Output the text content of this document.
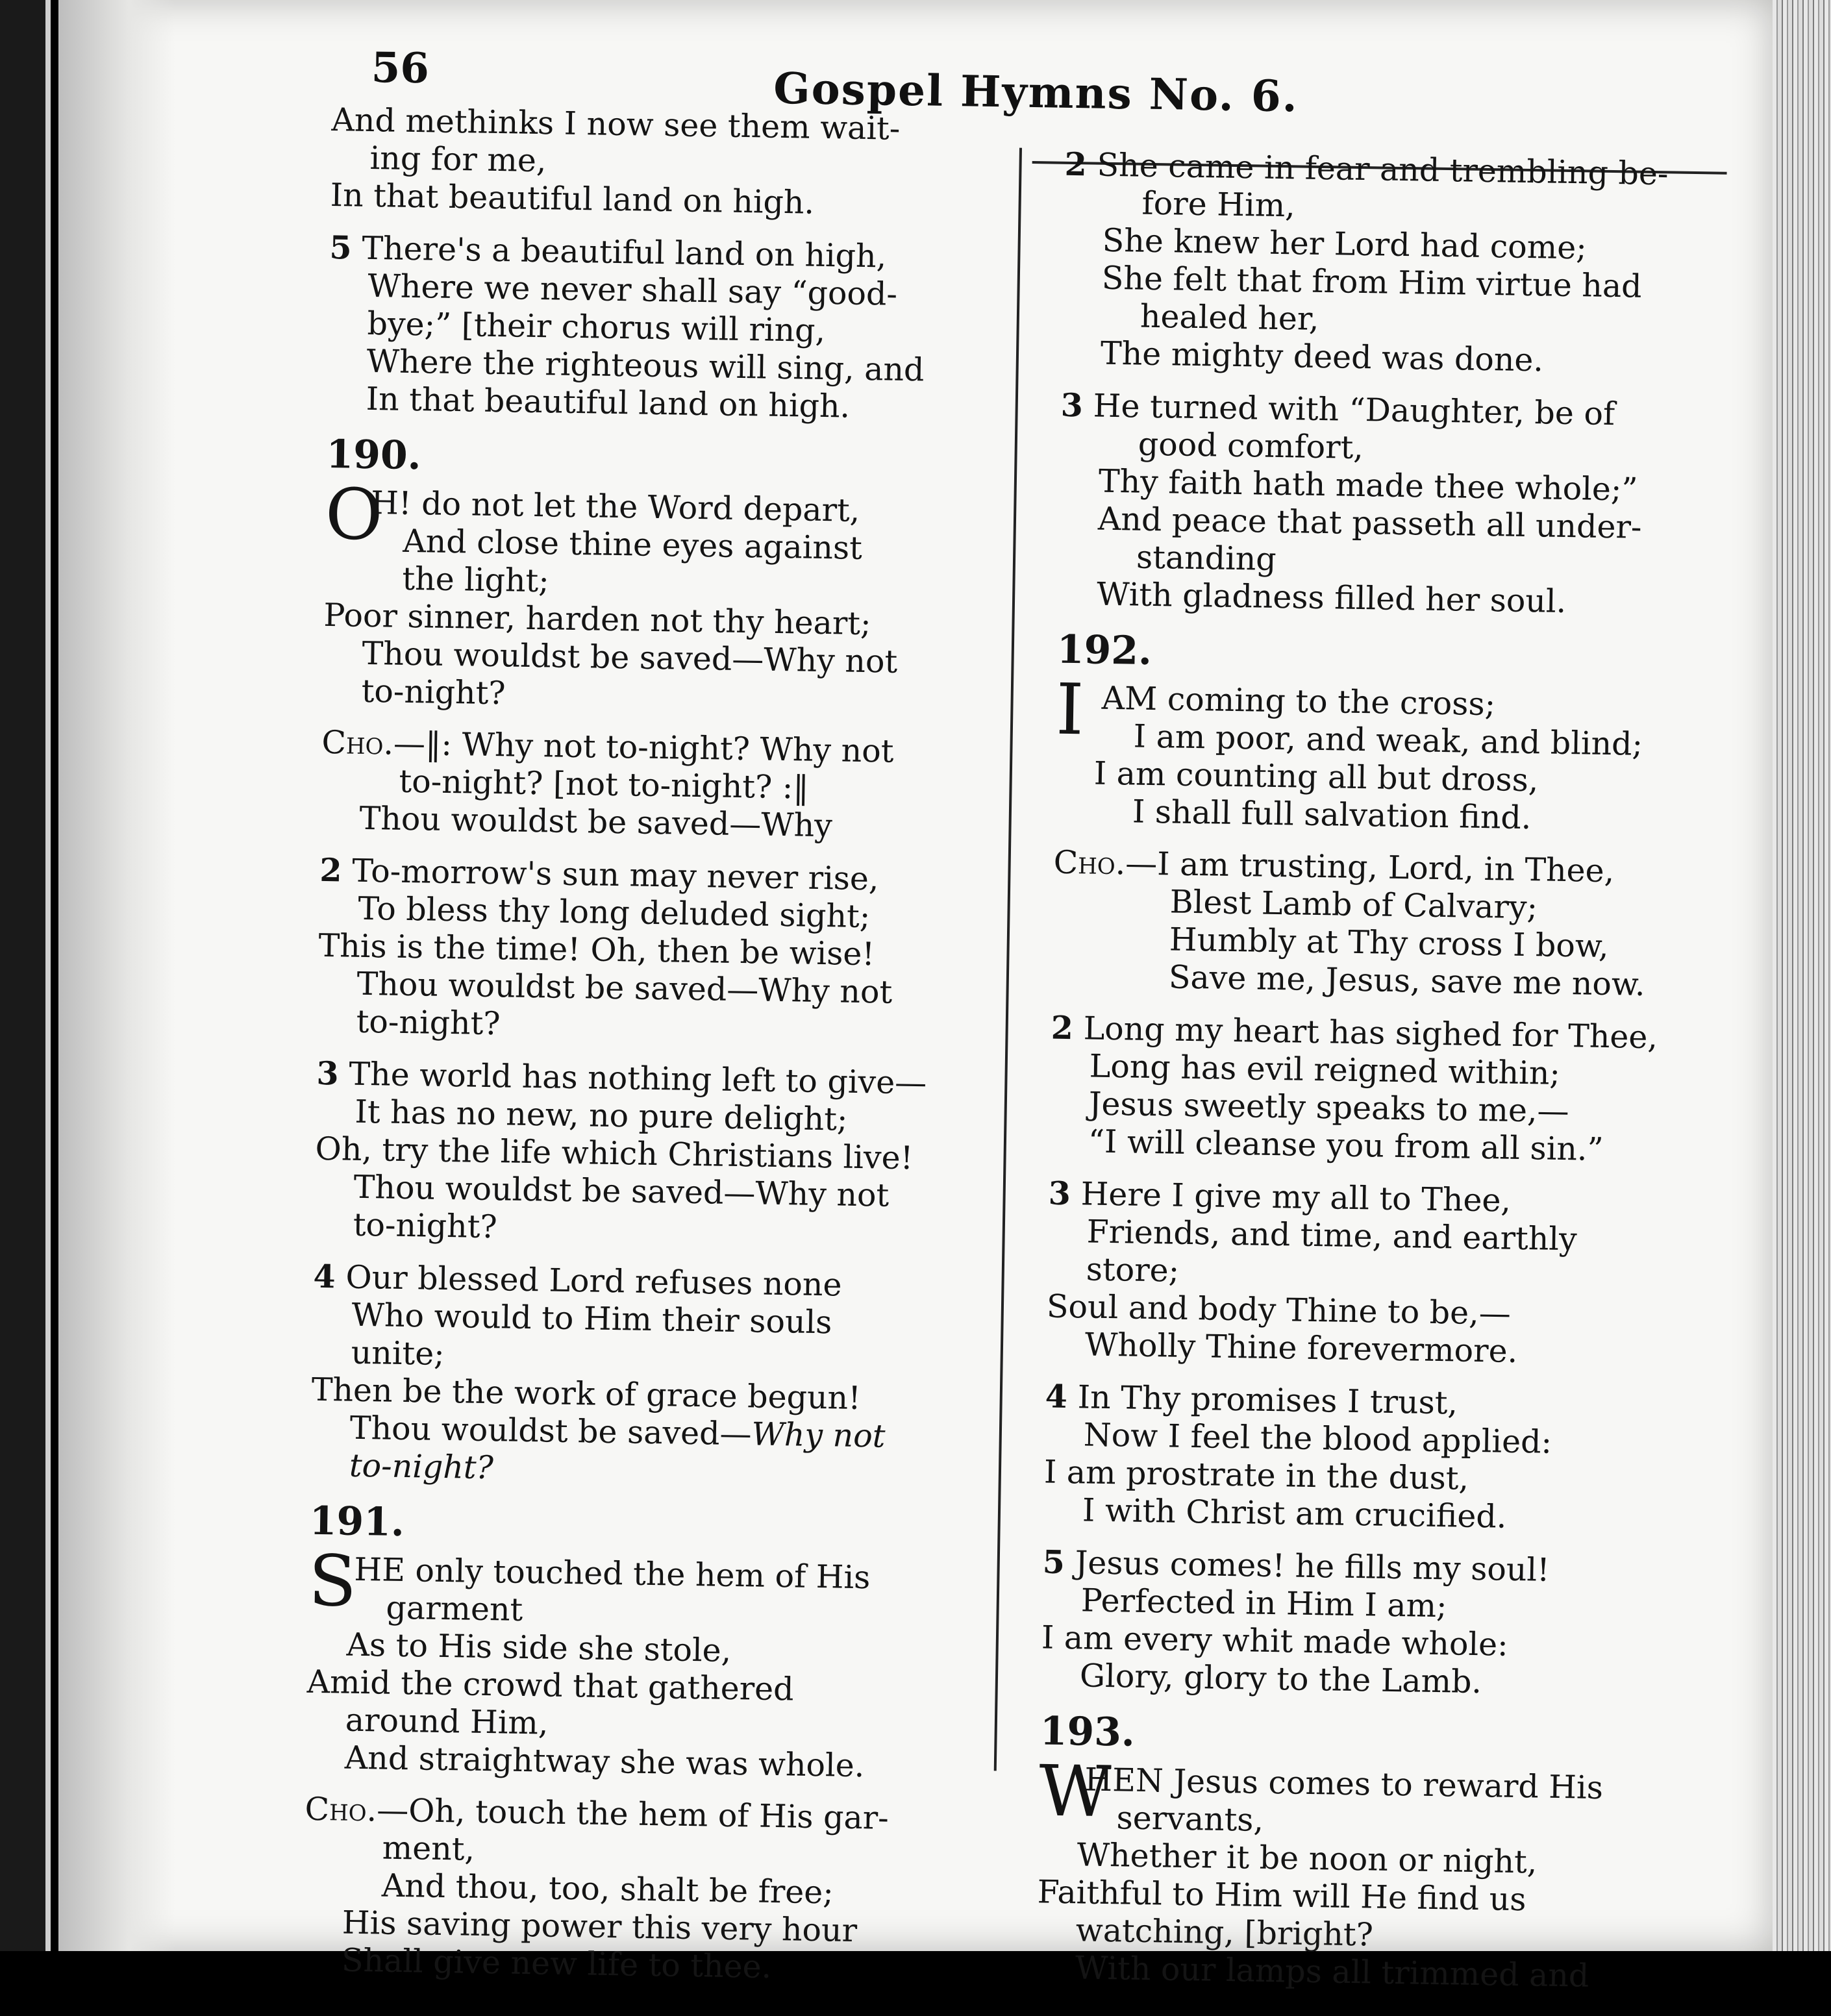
56	Gospel Hymns No. 6.
And methinks I now see them wait-
ing for me,
In that beautiful land on high.
5 There's a beautiful land on high,
Where we never shall say “good-
bye;” [their chorus will ring,
Where the righteous will sing, and
In that beautiful land on high.
190.
O
H! do not let the Word depart,
And close thine eyes against
the light;
Poor sinner, harden not thy heart;
Thou wouldst be saved—Why not
to-night?
Cho.—‖: Why not to-night? Why not
to-night? [not to-night? :‖
Thou wouldst be saved—Why
2 To-morrow's sun may never rise,
To bless thy long deluded sight;
This is the time! Oh, then be wise!
Thou wouldst be saved—Why not
to-night?
3 The world has nothing left to give—
It has no new, no pure delight;
Oh, try the life which Christians live!
Thou wouldst be saved—Why not
to-night?
4 Our blessed Lord refuses none
Who would to Him their souls
unite;
Then be the work of grace begun!
Thou wouldst be saved—Why not
to-night?
191.
S
HE only touched the hem of His
garment
As to His side she stole,
Amid the crowd that gathered
around Him,
And straightway she was whole.
Cho.—Oh, touch the hem of His gar-
ment,
And thou, too, shalt be free;
His saving power this very hour
Shall give new life to thee.
2 She came in fear and trembling be-
fore Him,
She knew her Lord had come;
She felt that from Him virtue had
healed her,
The mighty deed was done.
3 He turned with “Daughter, be of
good comfort,
Thy faith hath made thee whole;”
And peace that passeth all under-
standing
With gladness filled her soul.
192.
I AM coming to the cross;
I am poor, and weak, and blind;
I am counting all but dross,
I shall full salvation find.
Cho.—I am trusting, Lord, in Thee,
Blest Lamb of Calvary;
Humbly at Thy cross I bow,
Save me, Jesus, save me now.
2 Long my heart has sighed for Thee,
Long has evil reigned within;
Jesus sweetly speaks to me,—
“I will cleanse you from all sin.”
3 Here I give my all to Thee,
Friends, and time, and earthly
store;
Soul and body Thine to be,—
Wholly Thine forevermore.
4 In Thy promises I trust,
Now I feel the blood applied:
I am prostrate in the dust,
I with Christ am crucified.
5 Jesus comes! he fills my soul!
Perfected in Him I am;
I am every whit made whole:
Glory, glory to the Lamb.
193.
W
HEN Jesus comes to reward His
servants,
Whether it be noon or night,
Faithful to Him will He find us
watching, [bright?
With our lamps all trimmed and
